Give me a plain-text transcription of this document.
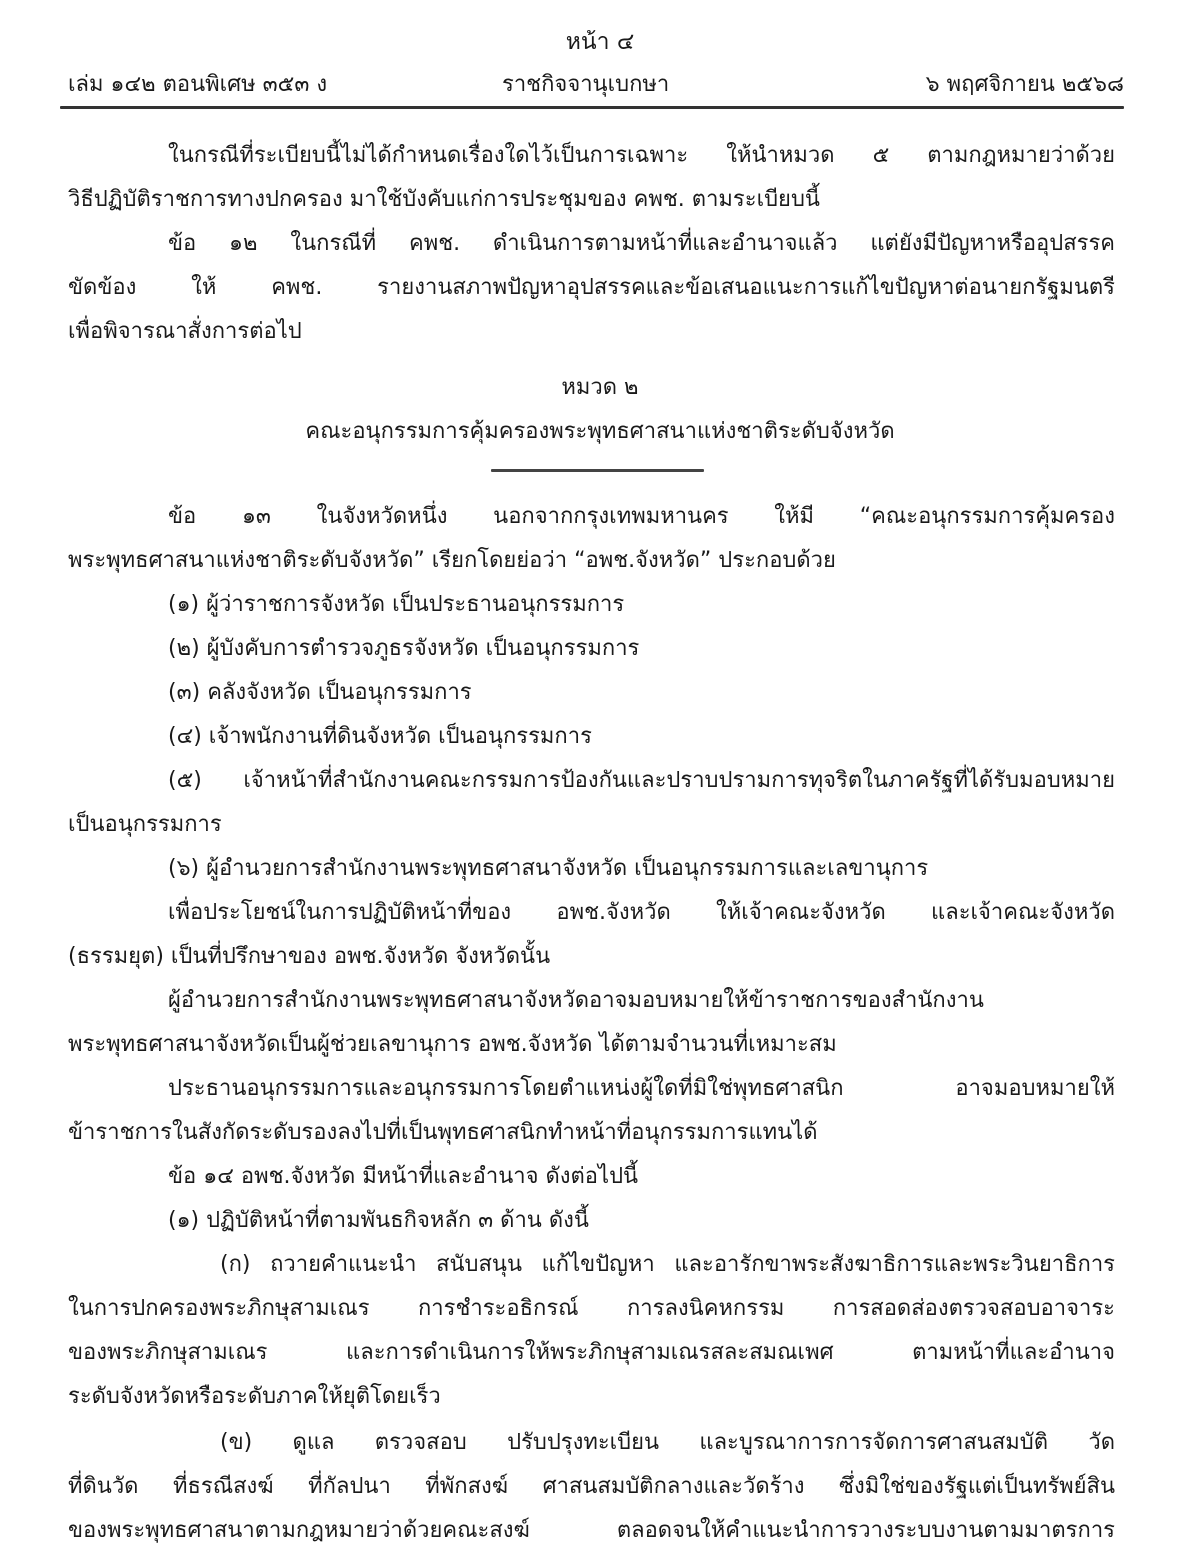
หน้า ๔
เล่ม ๑๔๒ ตอนพิเศษ ๓๕๓ ง	ราชกิจจานุเบกษา	๖ พฤศจิกายน ๒๕๖๘
ในกรณีที่ระเบียบนี้ไม่ได้กำหนดเรื่องใดไว้เป็นการเฉพาะ ให้นำหมวด ๕ ตามกฎหมายว่าด้วย
วิธีปฏิบัติราชการทางปกครอง มาใช้บังคับแก่การประชุมของ คพช. ตามระเบียบนี้
ข้อ ๑๒ ในกรณีที่ คพช. ดำเนินการตามหน้าที่และอำนาจแล้ว แต่ยังมีปัญหาหรืออุปสรรค
ขัดข้อง ให้ คพช. รายงานสภาพปัญหาอุปสรรคและข้อเสนอแนะการแก้ไขปัญหาต่อนายกรัฐมนตรี
เพื่อพิจารณาสั่งการต่อไป
หมวด ๒
คณะอนุกรรมการคุ้มครองพระพุทธศาสนาแห่งชาติระดับจังหวัด
ข้อ ๑๓ ในจังหวัดหนึ่ง นอกจากกรุงเทพมหานคร ให้มี “คณะอนุกรรมการคุ้มครอง
พระพุทธศาสนาแห่งชาติระดับจังหวัด” เรียกโดยย่อว่า “อพช.จังหวัด” ประกอบด้วย
(๑) ผู้ว่าราชการจังหวัด เป็นประธานอนุกรรมการ
(๒) ผู้บังคับการตำรวจภูธรจังหวัด เป็นอนุกรรมการ
(๓) คลังจังหวัด เป็นอนุกรรมการ
(๔) เจ้าพนักงานที่ดินจังหวัด เป็นอนุกรรมการ
(๕) เจ้าหน้าที่สำนักงานคณะกรรมการป้องกันและปราบปรามการทุจริตในภาครัฐที่ได้รับมอบหมาย
เป็นอนุกรรมการ
(๖) ผู้อำนวยการสำนักงานพระพุทธศาสนาจังหวัด เป็นอนุกรรมการและเลขานุการ
เพื่อประโยชน์ในการปฏิบัติหน้าที่ของ อพช.จังหวัด ให้เจ้าคณะจังหวัด และเจ้าคณะจังหวัด
(ธรรมยุต) เป็นที่ปรึกษาของ อพช.จังหวัด จังหวัดนั้น
ผู้อำนวยการสำนักงานพระพุทธศาสนาจังหวัดอาจมอบหมายให้ข้าราชการของสำนักงาน
พระพุทธศาสนาจังหวัดเป็นผู้ช่วยเลขานุการ อพช.จังหวัด ได้ตามจำนวนที่เหมาะสม
ประธานอนุกรรมการและอนุกรรมการโดยตำแหน่งผู้ใดที่มิใช่พุทธศาสนิก อาจมอบหมายให้
ข้าราชการในสังกัดระดับรองลงไปที่เป็นพุทธศาสนิกทำหน้าที่อนุกรรมการแทนได้
ข้อ ๑๔ อพช.จังหวัด มีหน้าที่และอำนาจ ดังต่อไปนี้
(๑) ปฏิบัติหน้าที่ตามพันธกิจหลัก ๓ ด้าน ดังนี้
(ก) ถวายคำแนะนำ สนับสนุน แก้ไขปัญหา และอารักขาพระสังฆาธิการและพระวินยาธิการ
ในการปกครองพระภิกษุสามเณร การชำระอธิกรณ์ การลงนิคหกรรม การสอดส่องตรวจสอบอาจาระ
ของพระภิกษุสามเณร และการดำเนินการให้พระภิกษุสามเณรสละสมณเพศ ตามหน้าที่และอำนาจ
ระดับจังหวัดหรือระดับภาคให้ยุติโดยเร็ว
(ข) ดูแล ตรวจสอบ ปรับปรุงทะเบียน และบูรณาการการจัดการศาสนสมบัติ วัด
ที่ดินวัด ที่ธรณีสงฆ์ ที่กัลปนา ที่พักสงฆ์ ศาสนสมบัติกลางและวัดร้าง ซึ่งมิใช่ของรัฐแต่เป็นทรัพย์สิน
ของพระพุทธศาสนาตามกฎหมายว่าด้วยคณะสงฆ์ ตลอดจนให้คำแนะนำการวางระบบงานตามมาตรการ
